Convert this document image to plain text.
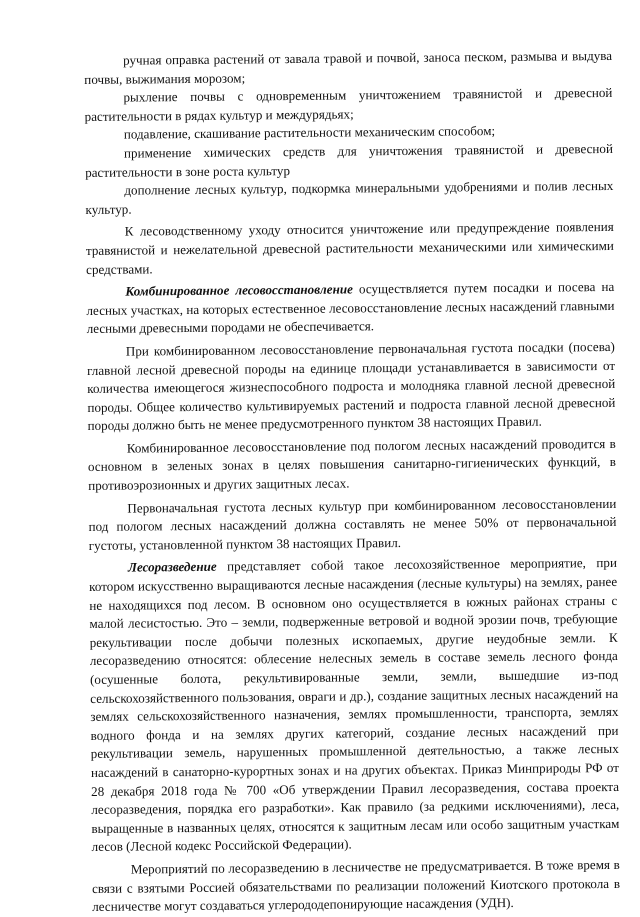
ручная оправка растений от завала травой и почвой, заноса песком, размыва и выдува почвы, выжимания морозом;

рыхление почвы с одновременным уничтожением травянистой и древесной растительности в рядах культур и междурядьях;

подавление, скашивание растительности механическим способом;

применение химических средств для уничтожения травянистой и древесной растительности в зоне роста культур

дополнение лесных культур, подкормка минеральными удобрениями и полив лесных культур.

К лесоводственному уходу относится уничтожение или предупреждение появления травянистой и нежелательной древесной растительности механическими или химическими средствами.

Комбинированное лесовосстановление осуществляется путем посадки и посева на лесных участках, на которых естественное лесовосстановление лесных насаждений главными лесными древесными породами не обеспечивается.

При комбинированном лесовосстановление первоначальная густота посадки (посева) главной лесной древесной породы на единице площади устанавливается в зависимости от количества имеющегося жизнеспособного подроста и молодняка главной лесной древесной породы. Общее количество культивируемых растений и подроста главной лесной древесной породы должно быть не менее предусмотренного пунктом 38 настоящих Правил.

Комбинированное лесовосстановление под пологом лесных насаждений проводится в основном в зеленых зонах в целях повышения санитарно-гигиенических функций, в противоэрозионных и других защитных лесах.

Первоначальная густота лесных культур при комбинированном лесовосстановлении под пологом лесных насаждений должна составлять не менее 50% от первоначальной густоты, установленной пунктом 38 настоящих Правил.

Лесоразведение представляет собой такое лесохозяйственное мероприятие, при котором искусственно выращиваются лесные насаждения (лесные культуры) на землях, ранее не находящихся под лесом. В основном оно осуществляется в южных районах страны с малой лесистостью. Это – земли, подверженные ветровой и водной эрозии почв, требующие рекультивации после добычи полезных ископаемых, другие неудобные земли. К лесоразведению относятся: облесение нелесных земель в составе земель лесного фонда (осушенные болота, рекультивированные земли, земли, вышедшие из-под сельскохозяйственного пользования, овраги и др.), создание защитных лесных насаждений на землях сельскохозяйственного назначения, землях промышленности, транспорта, землях водного фонда и на землях других категорий, создание лесных насаждений при рекультивации земель, нарушенных промышленной деятельностью, а также лесных насаждений в санаторно-курортных зонах и на других объектах. Приказ Минприроды РФ от 28 декабря 2018 года № 700 «Об утверждении Правил лесоразведения, состава проекта лесоразведения, порядка его разработки». Как правило (за редкими исключениями), леса, выращенные в названных целях, относятся к защитным лесам или особо защитным участкам лесов (Лесной кодекс Российской Федерации).

Мероприятий по лесоразведению в лесничестве не предусматривается. В тоже время в связи с взятыми Россией обязательствами по реализации положений Киотского протокола в лесничестве могут создаваться углерододепонирующие насаждения (УДН).
